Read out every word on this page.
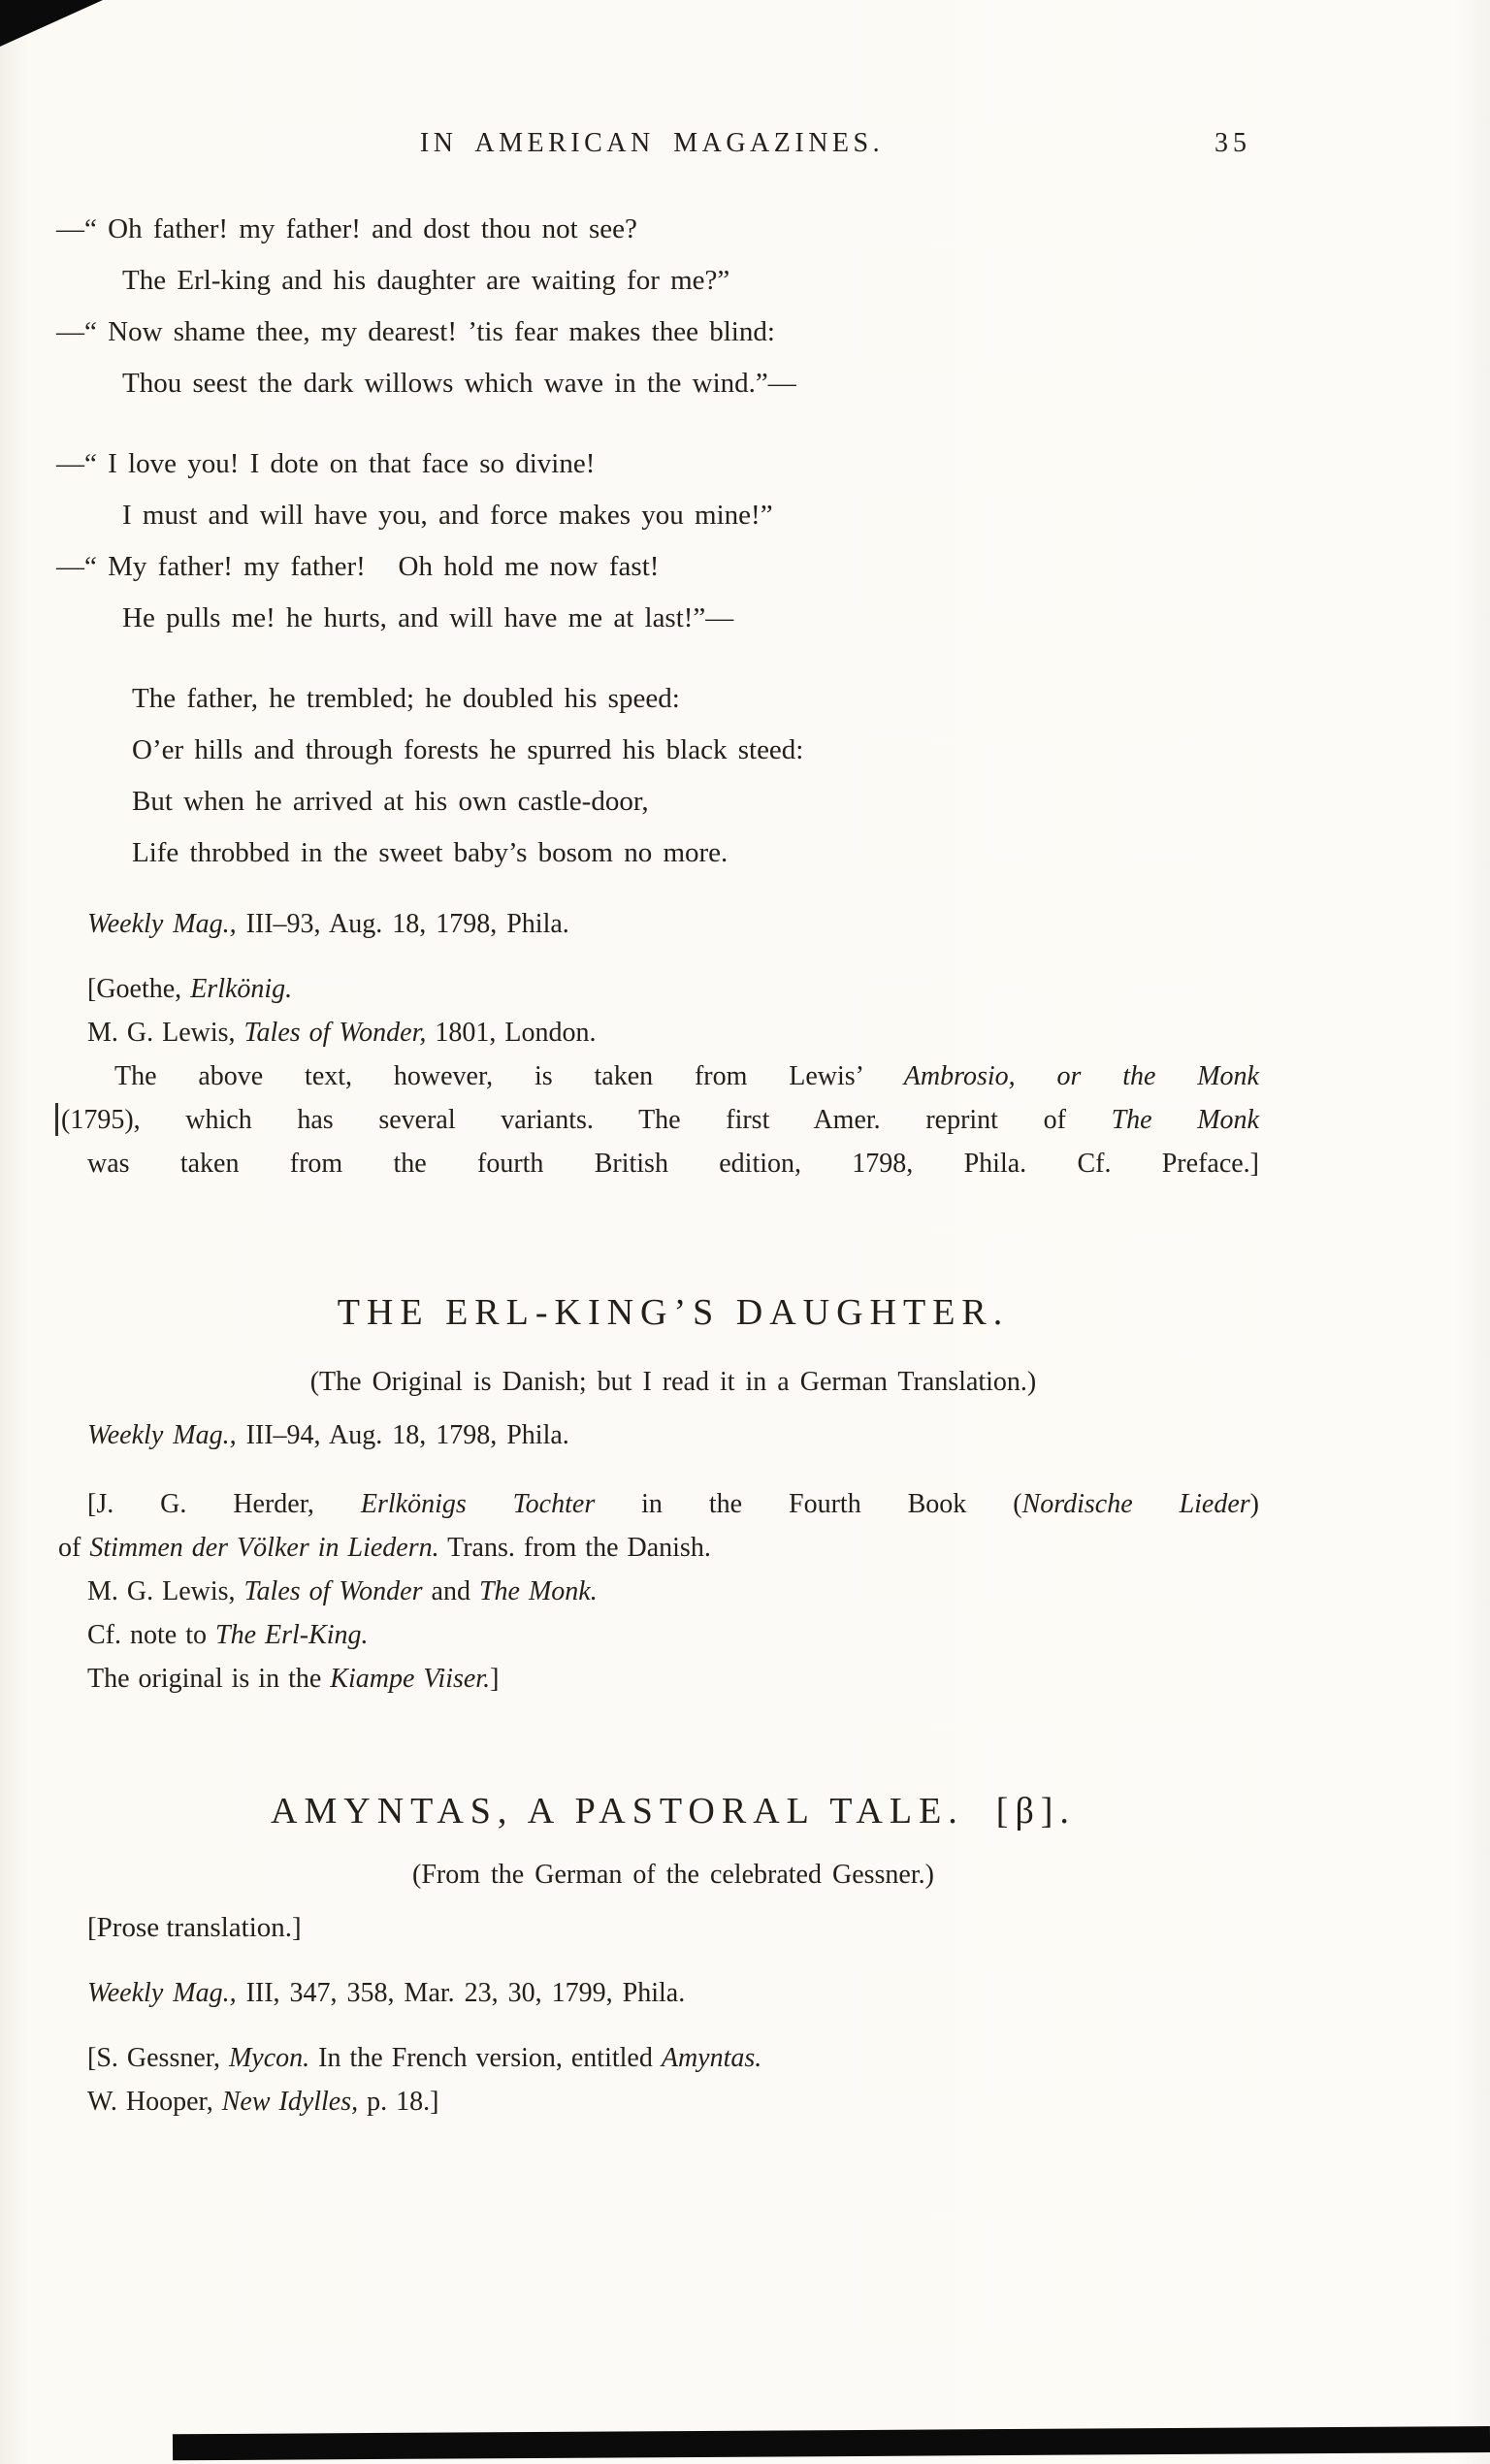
IN AMERICAN MAGAZINES.	35
—“ Oh father! my father! and dost thou not see?
The Erl-king and his daughter are waiting for me?”
—“ Now shame thee, my dearest! ’tis fear makes thee blind:
Thou seest the dark willows which wave in the wind.”—
—“ I love you! I dote on that face so divine!
I must and will have you, and force makes you mine!”
—“ My father! my father!   Oh hold me now fast!
He pulls me! he hurts, and will have me at last!”—
The father, he trembled; he doubled his speed:
O’er hills and through forests he spurred his black steed:
But when he arrived at his own castle-door,
Life throbbed in the sweet baby’s bosom no more.
Weekly Mag., III–93, Aug. 18, 1798, Phila.
[Goethe, Erlkönig.
M. G. Lewis, Tales of Wonder, 1801, London.
The above text, however, is taken from Lewis’ Ambrosio, or the Monk
(1795), which has several variants. The first Amer. reprint of The Monk
was taken from the fourth British edition, 1798, Phila. Cf. Preface.]
THE ERL-KING’S DAUGHTER.
(The Original is Danish; but I read it in a German Translation.)
Weekly Mag., III–94, Aug. 18, 1798, Phila.
[J. G. Herder, Erlkönigs Tochter in the Fourth Book (Nordische Lieder)
of Stimmen der Völker in Liedern. Trans. from the Danish.
M. G. Lewis, Tales of Wonder and The Monk.
Cf. note to The Erl-King.
The original is in the Kiampe Viiser.]
AMYNTAS, A PASTORAL TALE.  [β].
(From the German of the celebrated Gessner.)
[Prose translation.]
Weekly Mag., III, 347, 358, Mar. 23, 30, 1799, Phila.
[S. Gessner, Mycon. In the French version, entitled Amyntas.
W. Hooper, New Idylles, p. 18.]
